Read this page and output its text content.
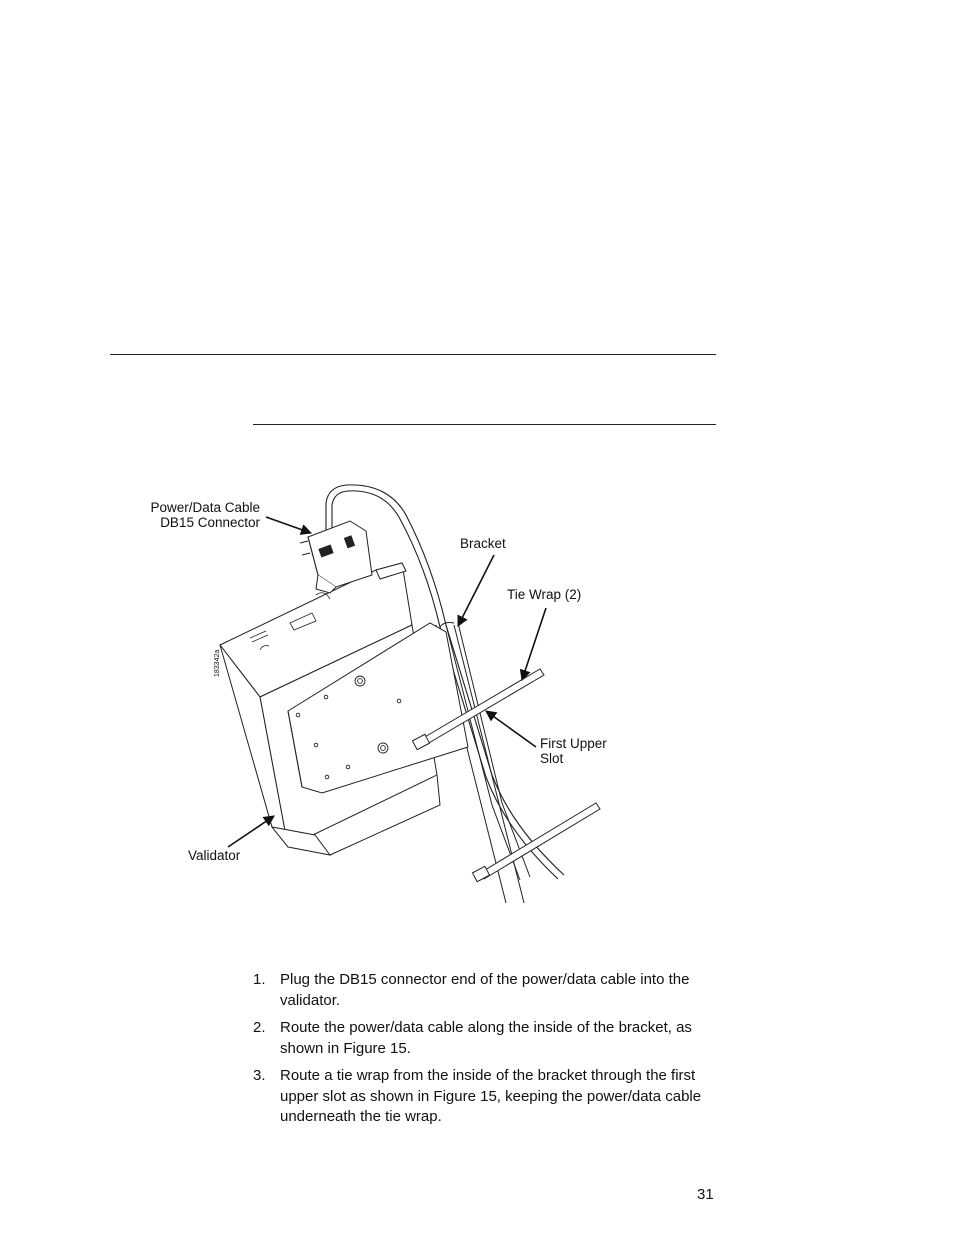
Power/Data Cable
DB15 Connector
Bracket
Tie Wrap (2)
First Upper
Slot
Validator
183342a
1. Plug the DB15 connector end of the power/data cable into the validator.
2. Route the power/data cable along the inside of the bracket, as shown in Figure 15.
3. Route a tie wrap from the inside of the bracket through the first upper slot as shown in Figure 15, keeping the power/data cable underneath the tie wrap.
31
